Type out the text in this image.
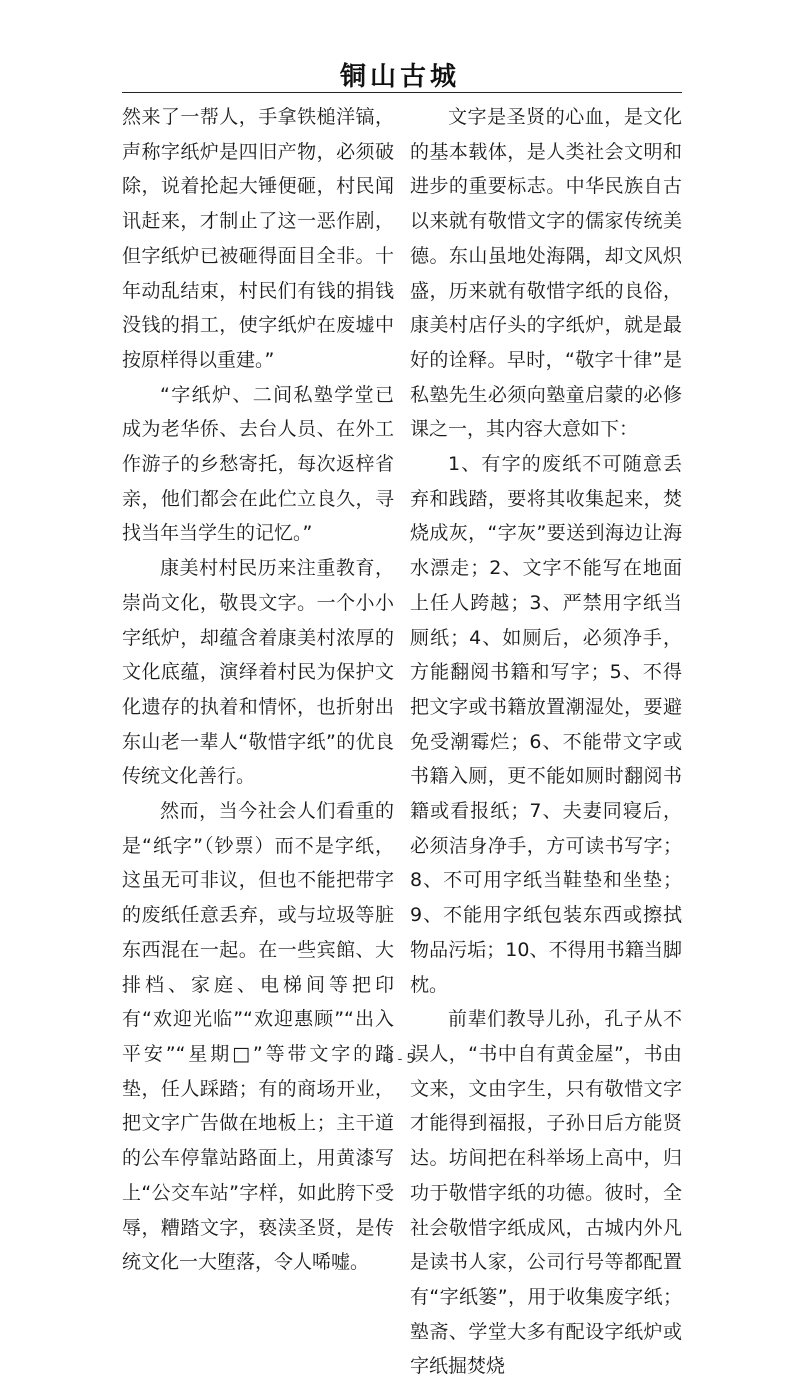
铜山古城

然来了一帮人，手拿铁槌洋镐，声称字纸炉是四旧产物，必须破除，说着抡起大锤便砸，村民闻讯赶来，才制止了这一恶作剧，但字纸炉已被砸得面目全非。十年动乱结束，村民们有钱的捐钱没钱的捐工，使字纸炉在废墟中按原样得以重建。”

“字纸炉、二间私塾学堂已成为老华侨、去台人员、在外工作游子的乡愁寄托，每次返梓省亲，他们都会在此伫立良久，寻找当年当学生的记忆。”

康美村村民历来注重教育，崇尚文化，敬畏文字。一个小小字纸炉，却蕴含着康美村浓厚的文化底蕴，演绎着村民为保护文化遗存的执着和情怀，也折射出东山老一辈人“敬惜字纸”的优良传统文化善行。

然而，当今社会人们看重的是“纸字”（钞票）而不是字纸，这虽无可非议，但也不能把带字的废纸任意丢弃，或与垃圾等脏东西混在一起。在一些宾館、大排档、家庭、电梯间等把印有“欢迎光临”“欢迎惠顾”“出入平安”“星期□”等带文字的踏垫，任人踩踏；有的商场开业，把文字广告做在地板上；主干道的公车停靠站路面上，用黄漆写上“公交车站”字样，如此胯下受辱，糟踏文字，亵渎圣贤，是传统文化一大堕落，令人唏嘘。

文字是圣贤的心血，是文化的基本载体，是人类社会文明和进步的重要标志。中华民族自古以来就有敬惜文字的儒家传统美德。东山虽地处海隅，却文风炽盛，历来就有敬惜字纸的良俗，康美村店仔头的字纸炉，就是最好的诠释。早时，“敬字十律”是私塾先生必须向塾童启蒙的必修课之一，其内容大意如下：

1、有字的废纸不可随意丢弃和践踏，要将其收集起来，焚烧成灰，“字灰”要送到海边让海水漂走；2、文字不能写在地面上任人跨越；3、严禁用字纸当厕纸；4、如厕后，必须净手，方能翻阅书籍和写字；5、不得把文字或书籍放置潮湿处，要避免受潮霉烂；6、不能带文字或书籍入厕，更不能如厕时翻阅书籍或看报纸；7、夫妻同寝后，必须洁身净手，方可读书写字；8、不可用字纸当鞋垫和坐垫；9、不能用字纸包装东西或擦拭物品污垢；10、不得用书籍当脚枕。

前辈们教导儿孙，孔子从不误人，“书中自有黄金屋”，书由文来，文由字生，只有敬惜文字才能得到福报，子孙日后方能贤达。坊间把在科举场上高中，归功于敬惜字纸的功德。彼时，全社会敬惜字纸成风，古城内外凡是读书人家，公司行号等都配置有“字纸篓”，用于收集废字纸；塾斋、学堂大多有配设字纸炉或字纸掘焚烧

6 - 5
